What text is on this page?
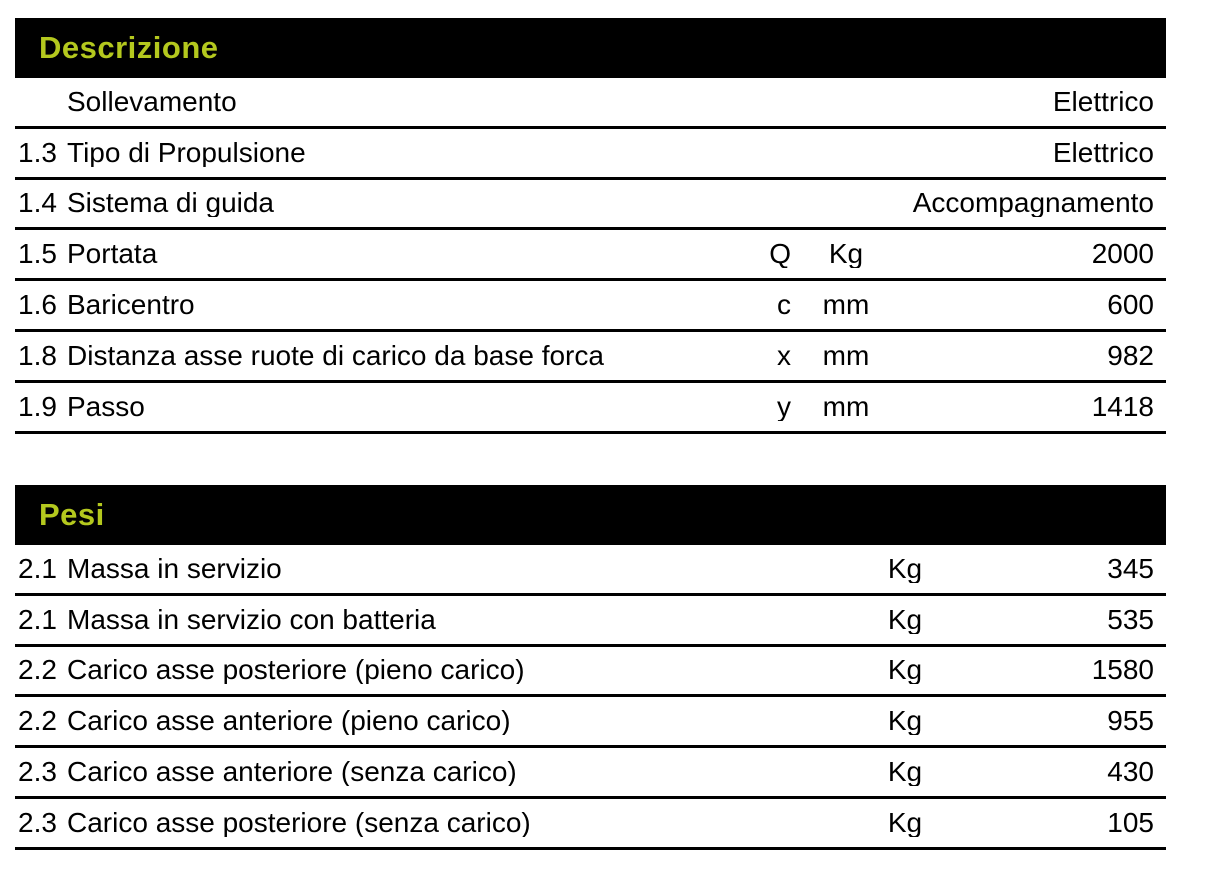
Descrizione
Sollevamento	Elettrico
1.3 Tipo di Propulsione	Elettrico
1.4 Sistema di guida	Accompagnamento
1.5 Portata	Q	Kg	2000
1.6 Baricentro	c	mm	600
1.8 Distanza asse ruote di carico da base forca	x	mm	982
1.9 Passo	y	mm	1418
Pesi
2.1 Massa in servizio	Kg	345
2.1 Massa in servizio con batteria	Kg	535
2.2 Carico asse posteriore (pieno carico)	Kg	1580
2.2 Carico asse anteriore (pieno carico)	Kg	955
2.3 Carico asse anteriore (senza carico)	Kg	430
2.3 Carico asse posteriore (senza carico)	Kg	105
